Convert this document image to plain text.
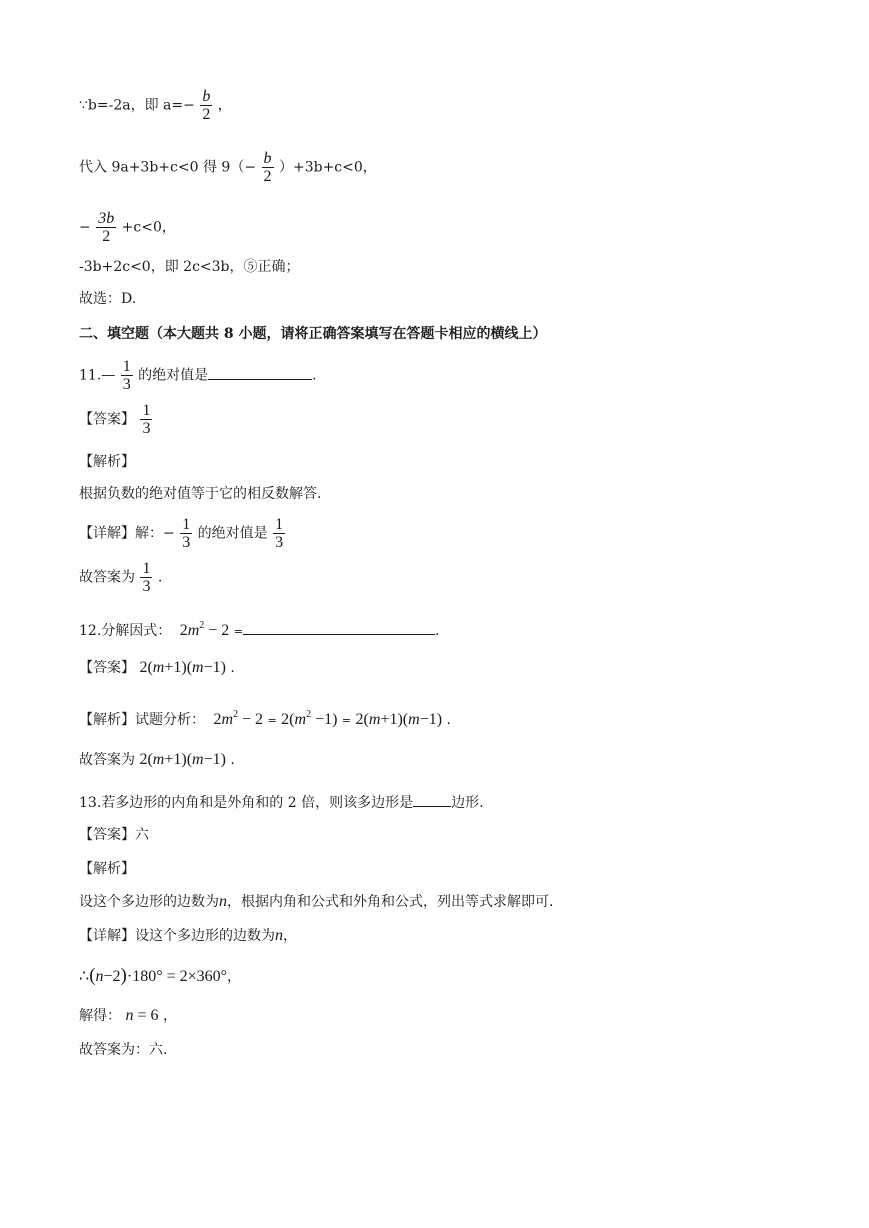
∵b=-2a，即 $a=- \frac{b}{2}$ ，
代入 9a+3b+c<0 得 $9(- \frac{b}{2} )+3b+c<0$，
− $\frac{3b}{2} +c<0$，
-3b+2c<0，即 2c<3b，⑤正确；
故选：D.
二、填空题（本大题共 8 小题，请将正确答案填写在答题卡相应的横线上）
11.— $\frac{1}{3}$ 的绝对值是	.
【答案】 $\frac{1}{3}$
【解析】
根据负数的绝对值等于它的相反数解答.
【详解】解：− $\frac{1}{3}$ 的绝对值是 $\frac{1}{3}$
故答案为 $\frac{1}{3}$ .
12.分解因式： $2m^2 - 2$ =	.
【答案】 2(m+1)(m−1) .
【解析】试题分析： $2m^2 - 2 = 2(m^2 -1) = 2(m+1)(m-1)$ .
故答案为 2(m+1)(m−1) .
13.若多边形的内角和是外角和的 2 倍，则该多边形是	边形.
【答案】六
【解析】
设这个多边形的边数为n，根据内角和公式和外角和公式，列出等式求解即可.
【详解】设这个多边形的边数为n，
∴(n−2)·180° = 2×360°，
解得： n = 6 ，
故答案为：六.
